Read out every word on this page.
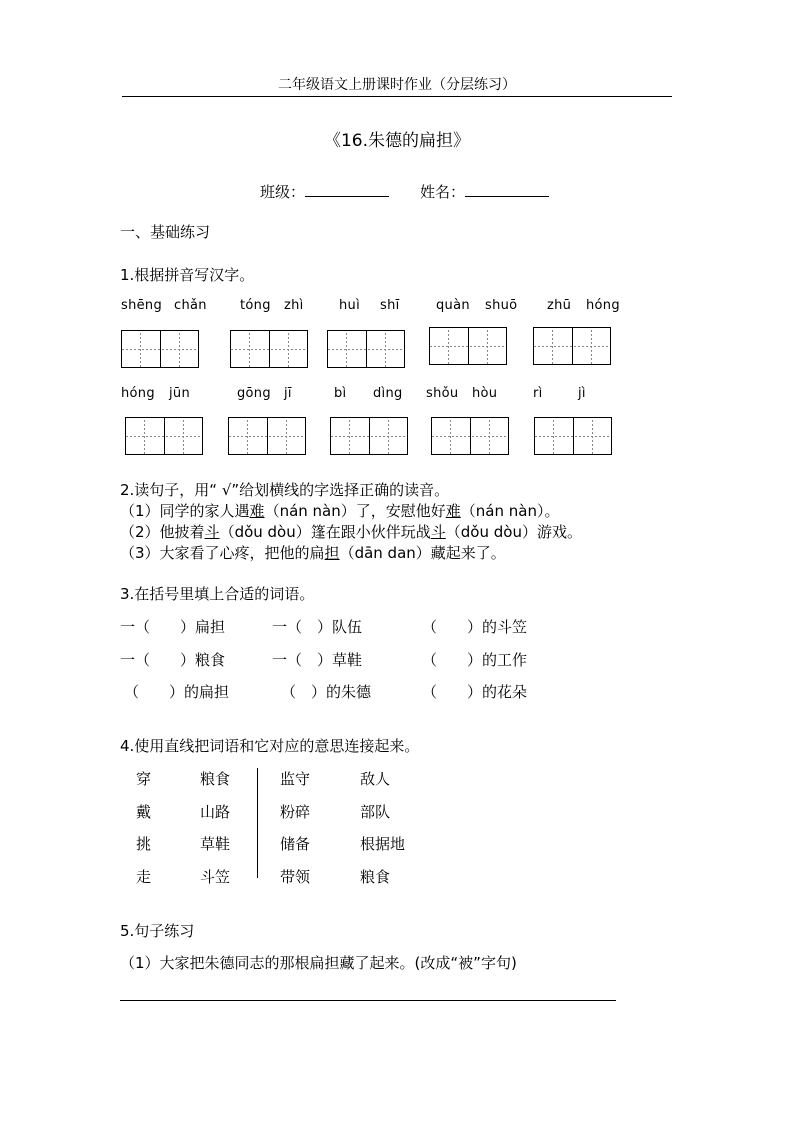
二年级语文上册课时作业（分层练习）
《16.朱德的扁担》
班级：	姓名：
一、基础练习
1.根据拼音写汉字。
shēng chǎn	tóng zhì	huì shī	quàn shuō zhū hóng
hóng jūn	gōng jī	bì dìng shǒu hòu	rì	jì
2.读句子，用“ √”给划横线的字选择正确的读音。
（1）同学的家人遇难（nán nàn）了，安慰他好难（nán nàn）。
（2）他披着斗（dǒu dòu）篷在跟小伙伴玩战斗（dǒu dòu）游戏。
（3）大家看了心疼，把他的扁担（dān dan）藏起来了。
3.在括号里填上合适的词语。
一（　　）扁担	一（　）队伍	（　　）的斗笠
一（　　）粮食	一（　）草鞋	（　　）的工作
（　　）的扁担	（　）的朱德	（　　）的花朵
4.使用直线把词语和它对应的意思连接起来。
穿	粮食
戴	山路
挑	草鞋
走	斗笠
监守	敌人
粉碎	部队
储备	根据地
带领	粮食
5.句子练习
（1）大家把朱德同志的那根扁担藏了起来。(改成“被”字句)
